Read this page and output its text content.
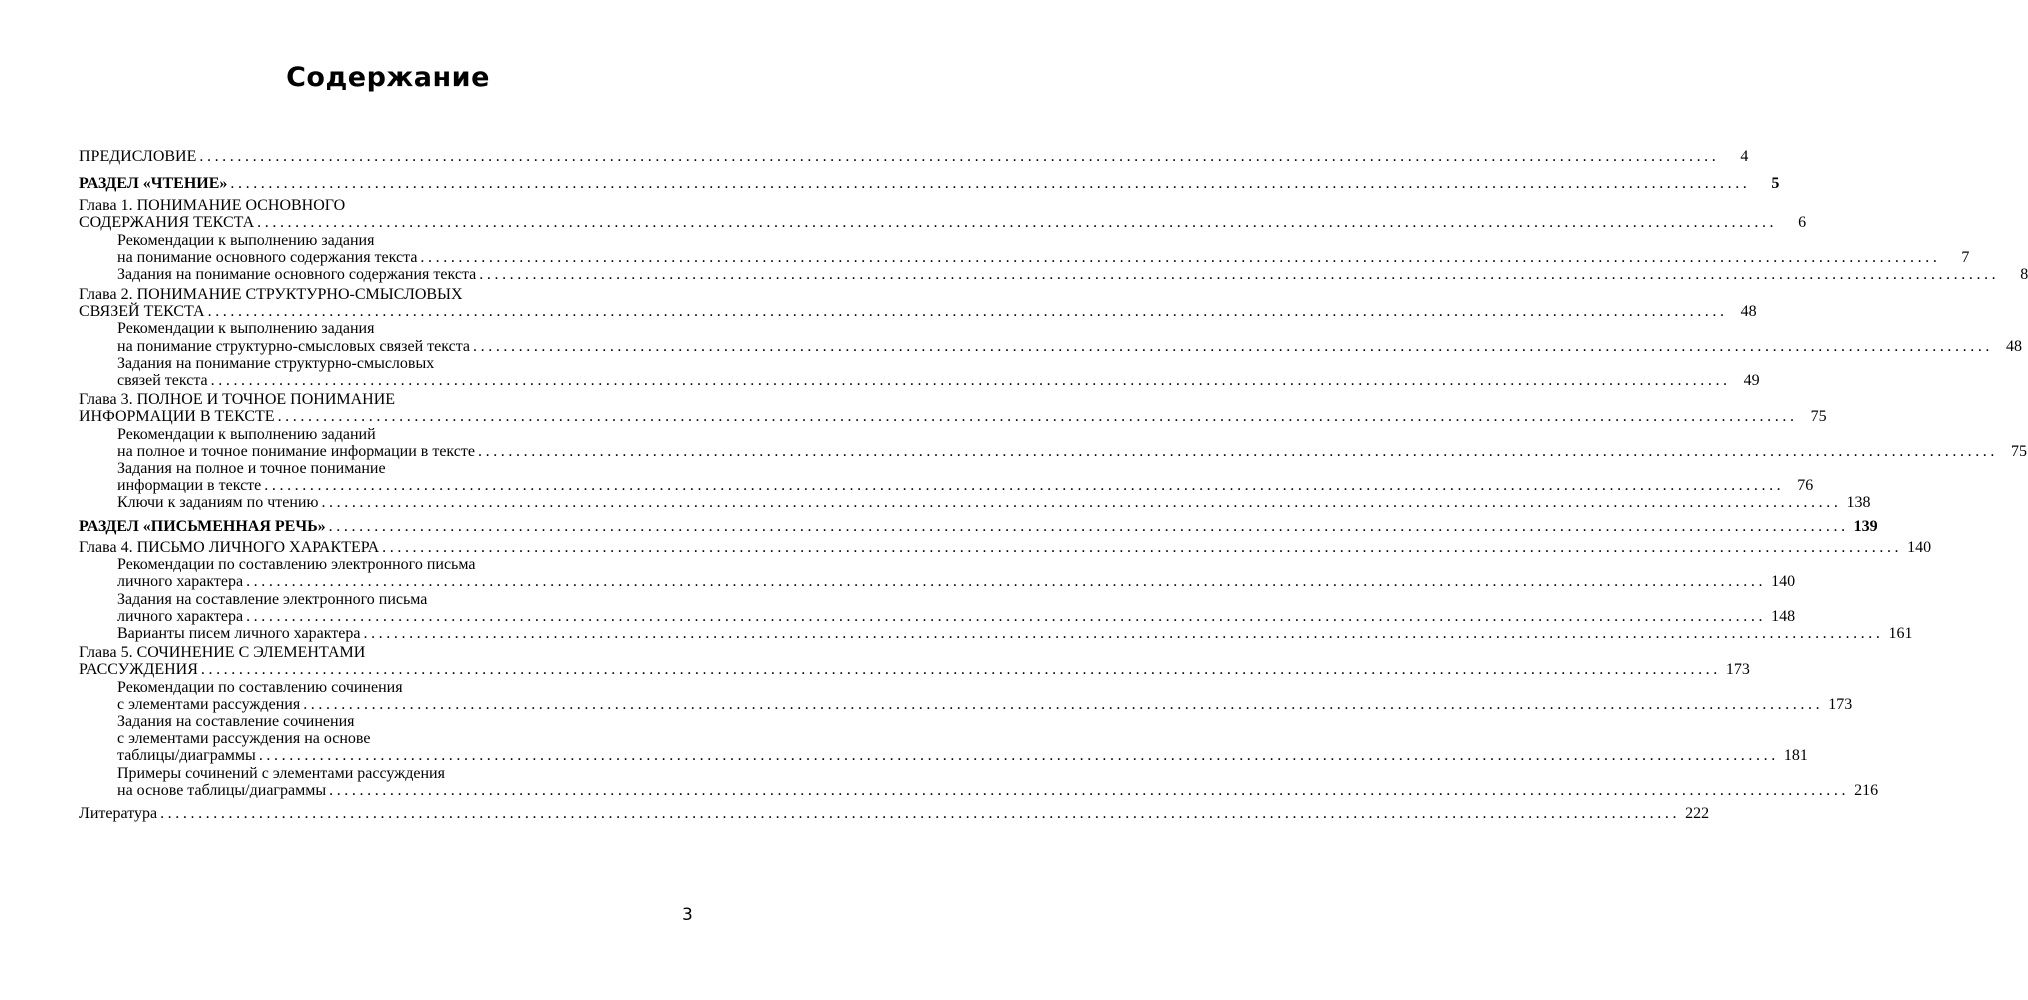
Содержание
ПРЕДИСЛОВИЕ ........................................................................................................................................................................................................	4
РАЗДЕЛ «ЧТЕНИЕ» ........................................................................................................................................................................................................	5
Глава 1. ПОНИМАНИЕ ОСНОВНОГО
СОДЕРЖАНИЯ ТЕКСТА ........................................................................................................................................................................................................	6
Рекомендации к выполнению задания
на понимание основного содержания текста ........................................................................................................................................................................................................	7
Задания на понимание основного содержания текста ........................................................................................................................................................................................................	8
Глава 2. ПОНИМАНИЕ СТРУКТУРНО-СМЫСЛОВЫХ
СВЯЗЕЙ ТЕКСТА ........................................................................................................................................................................................................ 48
Рекомендации к выполнению задания
на понимание структурно-смысловых связей текста ........................................................................................................................................................................................................ 48
Задания на понимание структурно-смысловых
связей текста ........................................................................................................................................................................................................ 49
Глава 3. ПОЛНОЕ И ТОЧНОЕ ПОНИМАНИЕ
ИНФОРМАЦИИ В ТЕКСТЕ ........................................................................................................................................................................................................ 75
Рекомендации к выполнению заданий
на полное и точное понимание информации в тексте ........................................................................................................................................................................................................ 75
Задания на полное и точное понимание
информации в тексте ........................................................................................................................................................................................................ 76
Ключи к заданиям по чтению ........................................................................................................................................................................................................ 138
РАЗДЕЛ «ПИСЬМЕННАЯ РЕЧЬ» ........................................................................................................................................................................................................ 139
Глава 4. ПИСЬМО ЛИЧНОГО ХАРАКТЕРА ........................................................................................................................................................................................................ 140
Рекомендации по составлению электронного письма
личного характера ........................................................................................................................................................................................................ 140
Задания на составление электронного письма
личного характера ........................................................................................................................................................................................................ 148
Варианты писем личного характера ........................................................................................................................................................................................................ 161
Глава 5. СОЧИНЕНИЕ С ЭЛЕМЕНТАМИ
РАССУЖДЕНИЯ ........................................................................................................................................................................................................ 173
Рекомендации по составлению сочинения
с элементами рассуждения ........................................................................................................................................................................................................ 173
Задания на составление сочинения
с элементами рассуждения на основе
таблицы/диаграммы ........................................................................................................................................................................................................ 181
Примеры сочинений с элементами рассуждения
на основе таблицы/диаграммы ........................................................................................................................................................................................................ 216
Литература ........................................................................................................................................................................................................ 222
3
